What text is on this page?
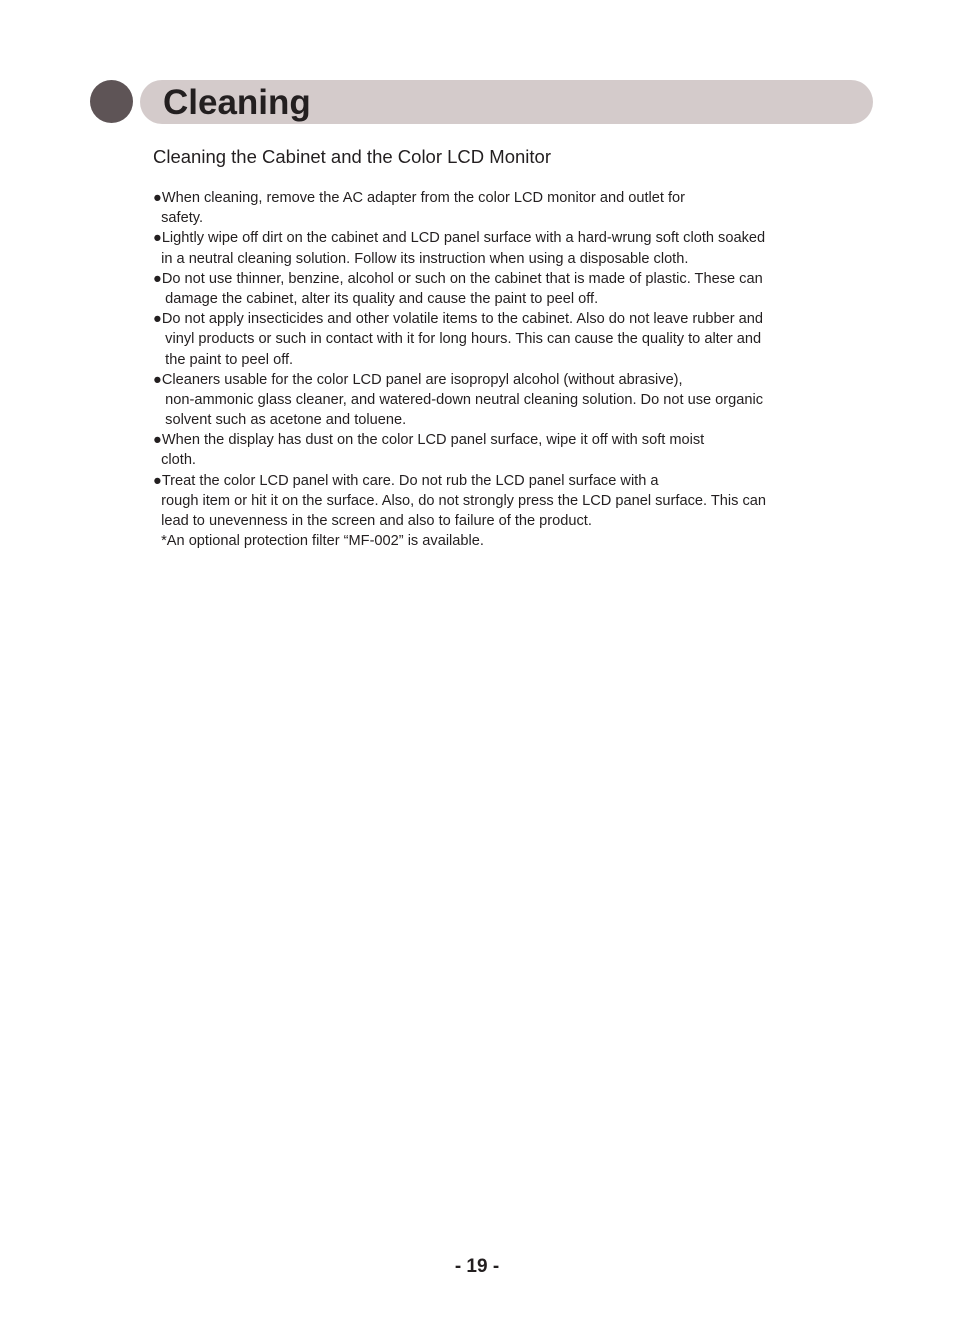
Cleaning
Cleaning the Cabinet and the Color LCD Monitor
●When cleaning, remove the AC adapter from the color LCD monitor and outlet for
safety.
●Lightly wipe off dirt on the cabinet and LCD panel surface with a hard-wrung soft cloth soaked
in a neutral cleaning solution. Follow its instruction when using a disposable cloth.
●Do not use thinner, benzine, alcohol or such on the cabinet that is made of plastic. These can
damage the cabinet, alter its quality and cause the paint to peel off.
●Do not apply insecticides and other volatile items to the cabinet. Also do not leave rubber and
vinyl products or such in contact with it for long hours. This can cause the quality to alter and
the paint to peel off.
●Cleaners usable for the color LCD panel are isopropyl alcohol (without abrasive),
non-ammonic glass cleaner, and watered-down neutral cleaning solution. Do not use organic
solvent such as acetone and toluene.
●When the display has dust on the color LCD panel surface, wipe it off with soft moist
cloth.
●Treat the color LCD panel with care. Do not rub the LCD panel surface with a
rough item or hit it on the surface. Also, do not strongly press the LCD panel surface. This can
lead to unevenness in the screen and also to failure of the product.
*An optional protection filter “MF-002” is available.
- 19 -
